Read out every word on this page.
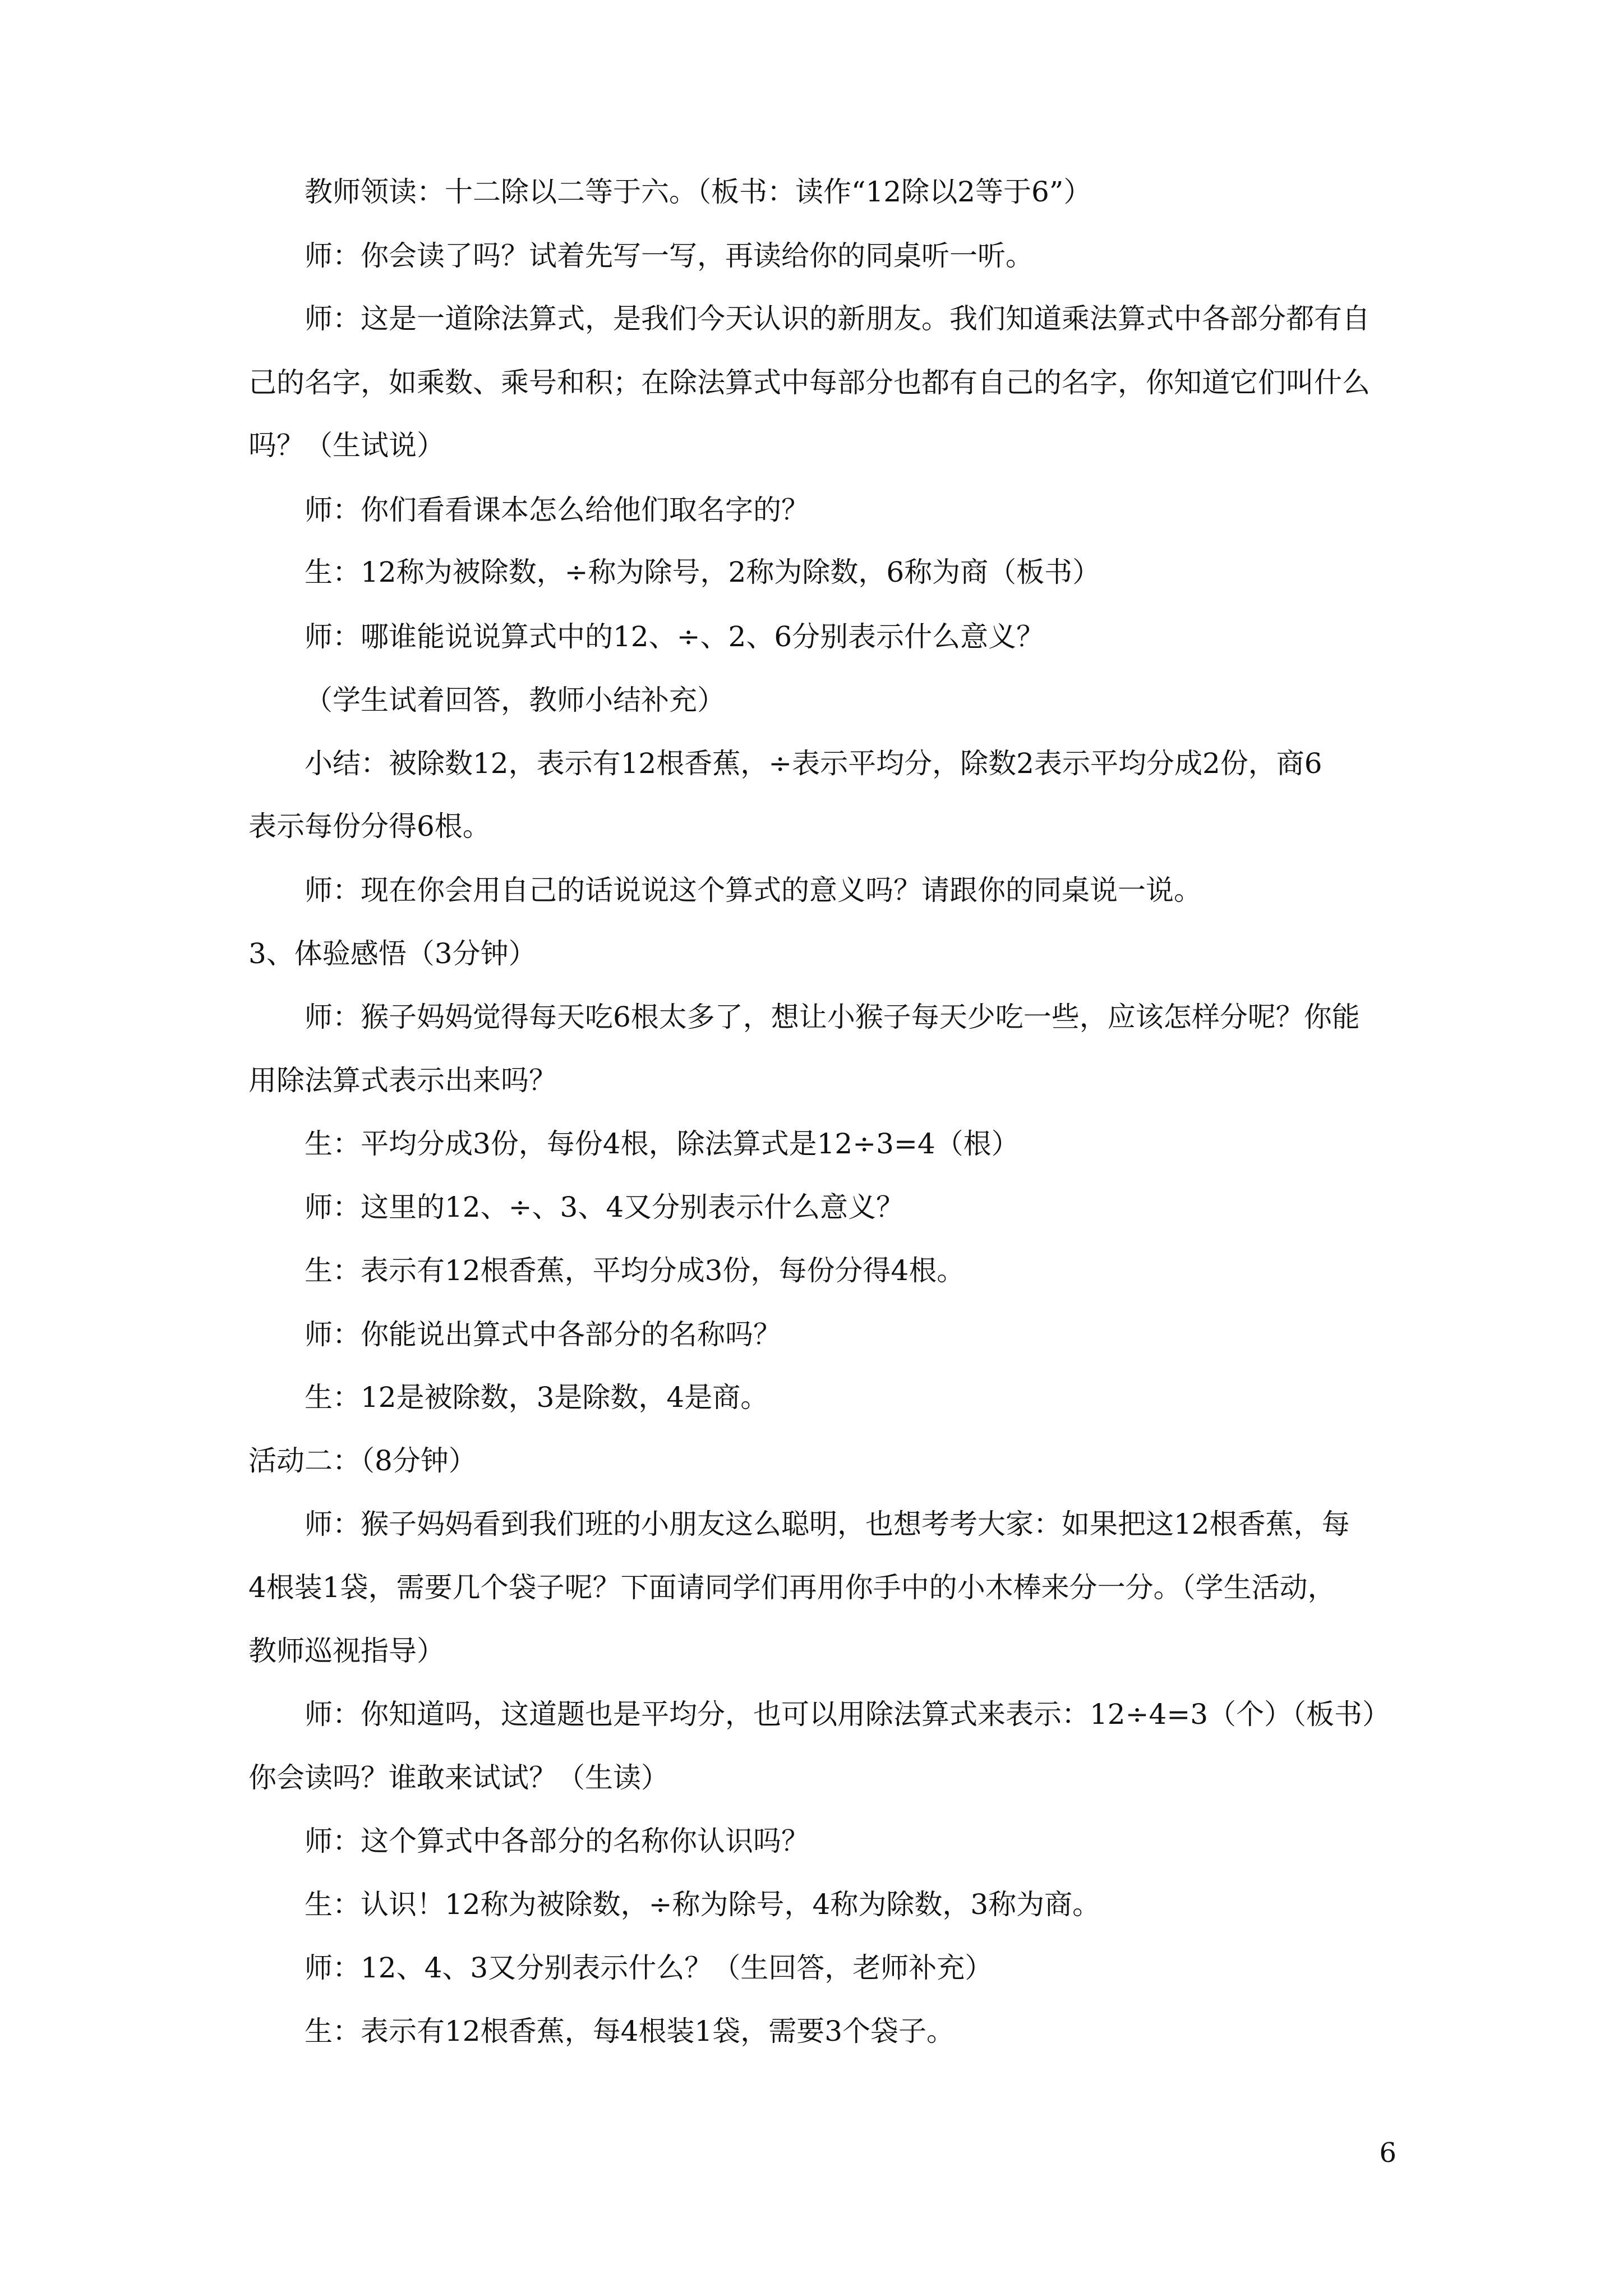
教师领读：十二除以二等于六。（板书：读作“12除以2等于6”）

师：你会读了吗？试着先写一写，再读给你的同桌听一听。

师：这是一道除法算式，是我们今天认识的新朋友。我们知道乘法算式中各部分都有自

己的名字，如乘数、乘号和积；在除法算式中每部分也都有自己的名字，你知道它们叫什么

吗？（生试说）

师：你们看看课本怎么给他们取名字的？

生：12称为被除数，÷称为除号，2称为除数，6称为商（板书）

师：哪谁能说说算式中的12、÷、2、6分别表示什么意义？

（学生试着回答，教师小结补充）

小结：被除数12，表示有12根香蕉，÷表示平均分，除数2表示平均分成2份，商6

表示每份分得6根。

师：现在你会用自己的话说说这个算式的意义吗？请跟你的同桌说一说。

3、体验感悟（3分钟）

师：猴子妈妈觉得每天吃6根太多了，想让小猴子每天少吃一些，应该怎样分呢？你能

用除法算式表示出来吗？

生：平均分成3份，每份4根，除法算式是12÷3=4（根）

师：这里的12、÷、3、4又分别表示什么意义？

生：表示有12根香蕉，平均分成3份，每份分得4根。

师：你能说出算式中各部分的名称吗？

生：12是被除数，3是除数，4是商。

活动二：（8分钟）

师：猴子妈妈看到我们班的小朋友这么聪明，也想考考大家：如果把这12根香蕉，每

4根装1袋，需要几个袋子呢？下面请同学们再用你手中的小木棒来分一分。（学生活动，

教师巡视指导）

师：你知道吗，这道题也是平均分，也可以用除法算式来表示：12÷4=3（个）（板书）

你会读吗？谁敢来试试？（生读）

师：这个算式中各部分的名称你认识吗？

生：认识！12称为被除数，÷称为除号，4称为除数，3称为商。

师：12、4、3又分别表示什么？（生回答，老师补充）

生：表示有12根香蕉，每4根装1袋，需要3个袋子。

6
